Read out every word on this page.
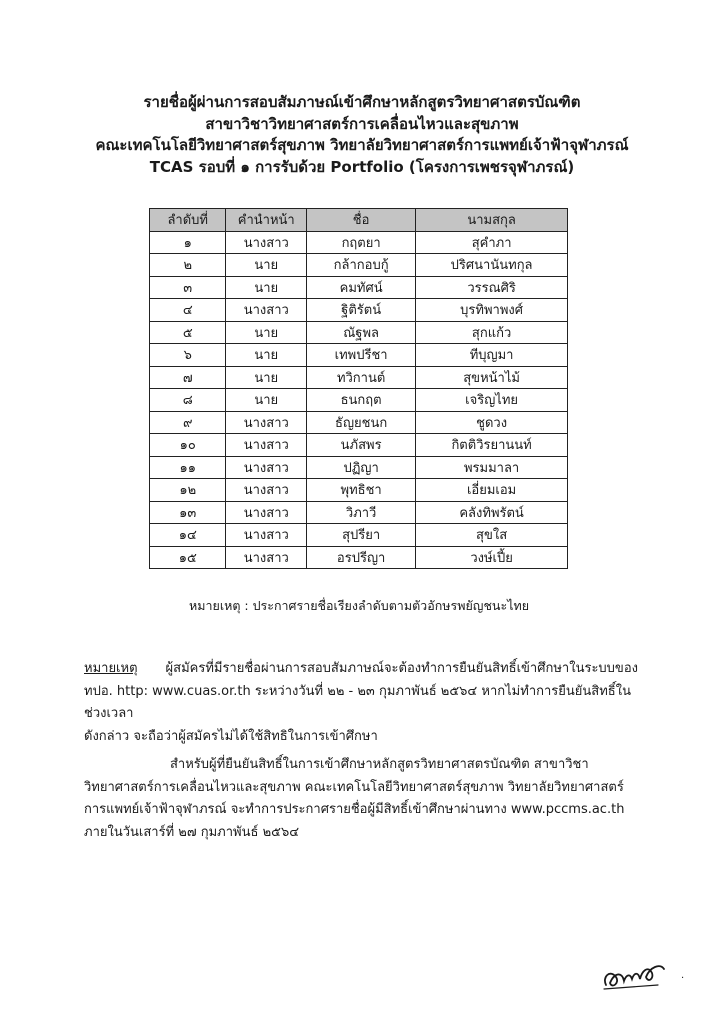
รายชื่อผู้ผ่านการสอบสัมภาษณ์เข้าศึกษาหลักสูตรวิทยาศาสตรบัณฑิต
สาขาวิชาวิทยาศาสตร์การเคลื่อนไหวและสุขภาพ
คณะเทคโนโลยีวิทยาศาสตร์สุขภาพ วิทยาลัยวิทยาศาสตร์การแพทย์เจ้าฟ้าจุฬาภรณ์
TCAS รอบที่ ๑ การรับด้วย Portfolio (โครงการเพชรจุฬาภรณ์)
ลำดับที่	คำนำหน้า	ชื่อ	นามสกุล
๑	นางสาว	กฤตยา	สุคำภา
๒	นาย	กล้ากอบกู้	ปริศนานันทกุล
๓	นาย	คมทัศน์	วรรณศิริ
๔	นางสาว	ฐิติรัตน์	บุรทิพาพงศ์
๕	นาย	ณัฐพล	สุกแก้ว
๖	นาย	เทพปรีชา	ทีบุญมา
๗	นาย	ทวิกานต์	สุขหน้าไม้
๘	นาย	ธนกฤต	เจริญไทย
๙	นางสาว	ธัญยชนก	ชูดวง
๑๐	นางสาว	นภัสพร	กิตติวิรยานนท์
๑๑	นางสาว	ปฏิญา	พรมมาลา
๑๒	นางสาว	พุทธิชา	เอี่ยมเอม
๑๓	นางสาว	วิภาวี	คลังทิพรัตน์
๑๔	นางสาว	สุปรียา	สุขใส
๑๕	นางสาว	อรปรีญา	วงษ์เปี้ย
หมายเหตุ : ประกาศรายชื่อเรียงลำดับตามตัวอักษรพยัญชนะไทย

หมายเหตุ ผู้สมัครที่มีรายชื่อผ่านการสอบสัมภาษณ์จะต้องทำการยืนยันสิทธิ์เข้าศึกษาในระบบของ
ทปอ. http: www.cuas.or.th ระหว่างวันที่ ๒๒ - ๒๓ กุมภาพันธ์ ๒๕๖๔ หากไม่ทำการยืนยันสิทธิ์ในช่วงเวลา
ดังกล่าว จะถือว่าผู้สมัครไม่ได้ใช้สิทธิในการเข้าศึกษา

สำหรับผู้ที่ยืนยันสิทธิ์ในการเข้าศึกษาหลักสูตรวิทยาศาสตรบัณฑิต สาขาวิชา
วิทยาศาสตร์การเคลื่อนไหวและสุขภาพ คณะเทคโนโลยีวิทยาศาสตร์สุขภาพ วิทยาลัยวิทยาศาสตร์
การแพทย์เจ้าฟ้าจุฬาภรณ์ จะทำการประกาศรายชื่อผู้มีสิทธิ์เข้าศึกษาผ่านทาง www.pccms.ac.th
ภายในวันเสาร์ที่ ๒๗ กุมภาพันธ์ ๒๕๖๔

.
